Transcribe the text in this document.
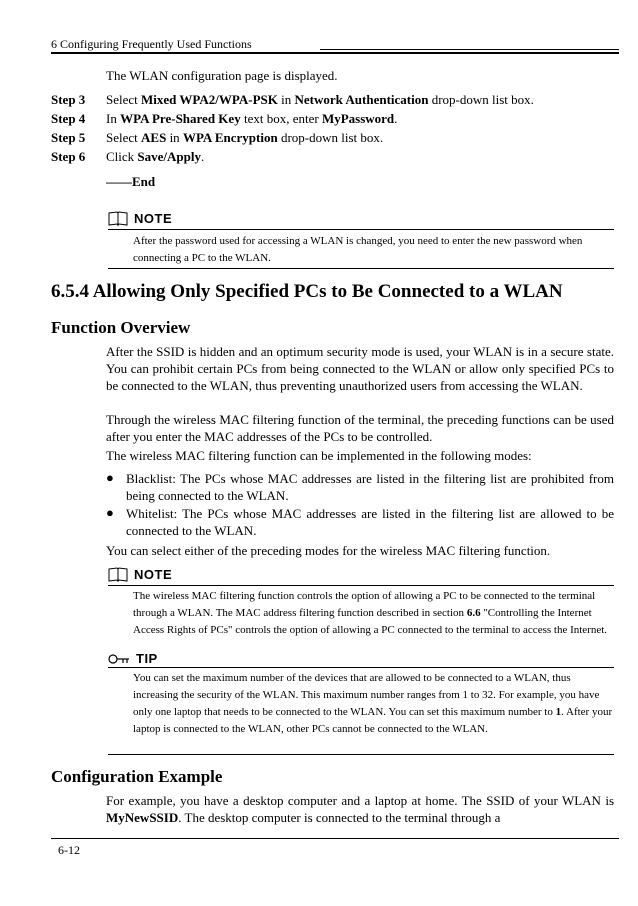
6 Configuring Frequently Used Functions
The WLAN configuration page is displayed.
Step 3 Select Mixed WPA2/WPA-PSK in Network Authentication drop-down list box.
Step 4 In WPA Pre-Shared Key text box, enter MyPassword.
Step 5 Select AES in WPA Encryption drop-down list box.
Step 6 Click Save/Apply.
——End
NOTE
After the password used for accessing a WLAN is changed, you need to enter the new password when connecting a PC to the WLAN.
6.5.4 Allowing Only Specified PCs to Be Connected to a WLAN
Function Overview
After the SSID is hidden and an optimum security mode is used, your WLAN is in a secure state. You can prohibit certain PCs from being connected to the WLAN or allow only specified PCs to be connected to the WLAN, thus preventing unauthorized users from accessing the WLAN.
Through the wireless MAC filtering function of the terminal, the preceding functions can be used after you enter the MAC addresses of the PCs to be controlled.
The wireless MAC filtering function can be implemented in the following modes:
● Blacklist: The PCs whose MAC addresses are listed in the filtering list are prohibited from being connected to the WLAN.
● Whitelist: The PCs whose MAC addresses are listed in the filtering list are allowed to be connected to the WLAN.
You can select either of the preceding modes for the wireless MAC filtering function.
NOTE
The wireless MAC filtering function controls the option of allowing a PC to be connected to the terminal through a WLAN. The MAC address filtering function described in section 6.6 "Controlling the Internet Access Rights of PCs" controls the option of allowing a PC connected to the terminal to access the Internet.
TIP
You can set the maximum number of the devices that are allowed to be connected to a WLAN, thus increasing the security of the WLAN. This maximum number ranges from 1 to 32. For example, you have only one laptop that needs to be connected to the WLAN. You can set this maximum number to 1. After your laptop is connected to the WLAN, other PCs cannot be connected to the WLAN.
Configuration Example
For example, you have a desktop computer and a laptop at home. The SSID of your WLAN is MyNewSSID. The desktop computer is connected to the terminal through a
6-12
